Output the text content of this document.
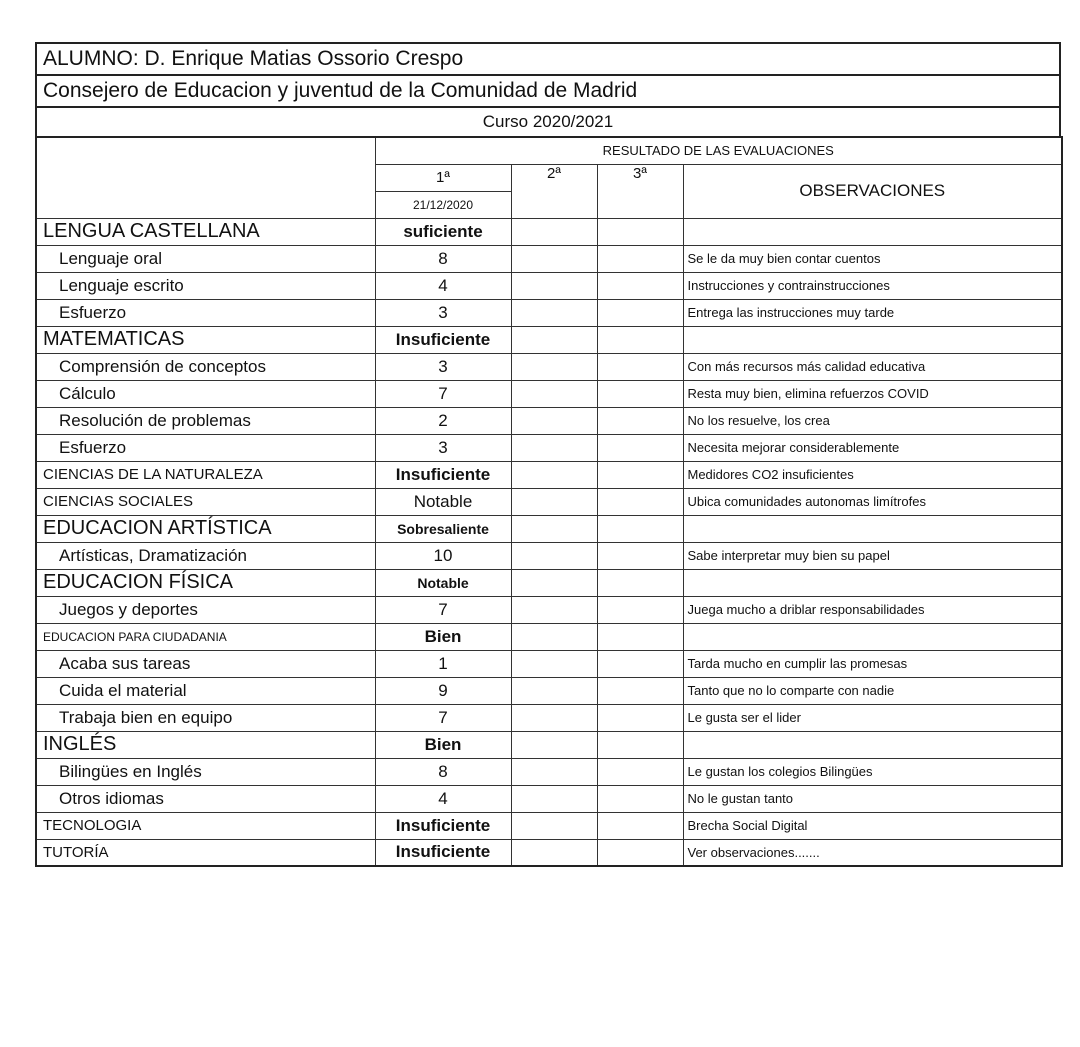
ALUMNO: D. Enrique Matias Ossorio Crespo
Consejero de Educacion y juventud de la Comunidad de Madrid
Curso 2020/2021
	RESULTADO DE LAS EVALUACIONES			
	1ª	2ª	3ª	OBSERVACIONES
	21/12/2020			
LENGUA CASTELLANA	suficiente			
Lenguaje oral	8			Se le da muy bien contar cuentos
Lenguaje escrito	4			Instrucciones y contrainstrucciones
Esfuerzo	3			Entrega las instrucciones muy tarde
MATEMATICAS	Insuficiente			
Comprensión de conceptos	3			Con más recursos más calidad educativa
Cálculo	7			Resta muy bien, elimina refuerzos COVID
Resolución de problemas	2			No los resuelve, los crea
Esfuerzo	3			Necesita mejorar considerablemente
CIENCIAS DE LA NATURALEZA	Insuficiente			Medidores CO2 insuficientes
CIENCIAS SOCIALES	Notable			Ubica comunidades autonomas limítrofes
EDUCACION ARTÍSTICA	Sobresaliente			
Artísticas, Dramatización	10			Sabe interpretar muy bien su papel
EDUCACION FÍSICA	Notable			
Juegos y deportes	7			Juega mucho a driblar responsabilidades
EDUCACION PARA CIUDADANIA	Bien			
Acaba sus tareas	1			Tarda mucho en cumplir las promesas
Cuida el material	9			Tanto que no lo comparte con nadie
Trabaja bien en equipo	7			Le gusta ser el lider
INGLÉS	Bien			
Bilingües en Inglés	8			Le gustan los colegios Bilingües
Otros idiomas	4			No le gustan tanto
TECNOLOGIA	Insuficiente			Brecha Social Digital
TUTORÍA	Insuficiente			Ver observaciones.......
